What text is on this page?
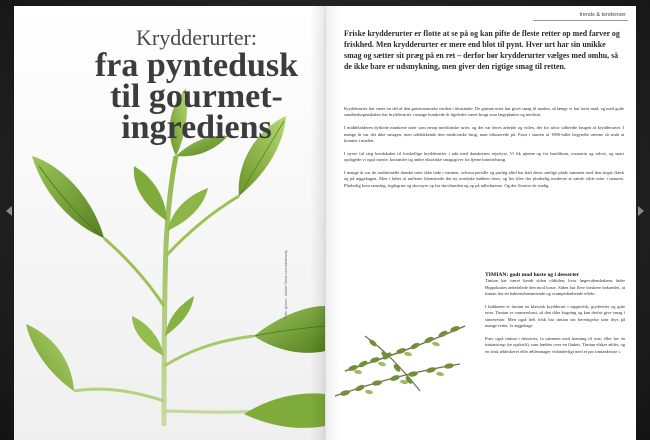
Krydderurter:
fra pyntedusk
til gourmet-
ingrediens
Foto: ajchen - Adobe Stock.com/adsbeardy
trends & tendenser

Friske krydderurter er flotte at se på og kan pifte de fleste retter op med farver og friskhed. Men krydderurter er mere end blot til pynt. Hver urt har sin unikke smag og sætter sit præg på en ret – derfor bør krydderurter vælges med omhu, så de ikke bare er udsmykning, men giver den rigtige smag til retten.

Krydderurter har været en del af den gastronomiske verden i årtusinder. De grønne urter har givet smag til maden, så længe vi har lavet mad, og med gode sundhedsegenskaber har krydderurter i mange hundrede år ligeledes været brugt som lægeplanter og medicin.

I middelalderen dyrkede munkene urter som netop medicinske urter, og det var deres arbejde og viden, der for alvor udbredte brugen af krydderurter. I mange år var det ikke smagen, men udelukkende den medicinske brug, man fokuserede på. Først i starten af 1900-tallet begyndte urterne så småt at komme i maden.

I nyere tid steg kendskabet til forskellige krydderurter i takt med danskernes rejselyst. Vi fik øjnene op for basilikum, rosmarin og salvie, og snart opdagede vi også mynte, koriander og andre eksotiske smagsgiver fra fjerne himmelstrøg.

I mange år var de traditionelle danske urter ikke inde i varmen, selvom persille og purløg altid har haft deres særlige plads sammen med den stegte flæsk og på æggekagen. Men i løbet af nullerne blomstrede det ny nordiske køkken frem, og her blev der pludselig moderne at samle vilde urter i naturen. Pludselig kom ramsløg, fuglegræs og skovsyre op fra skovbunden og op på tallerknerne. Og der floreter de stadig.

TIMIAN: godt mod hoste og i desserter
Timian har været kendt siden oldtiden, hvor lægevidenskabens fader Hippokrates anbefalede den mod hoste. Siden har flere forskere bekræftet, at timian har en bakteriehæmmende og svampedræbende effekt.

I køkkenet er timian en klassisk krydderurt i suppevisk, grydeetter og gule erter. Timian er varmerobust, så den tåler kogning og kan derfor give smag i simreretter. Men også helt frisk har timian sin berettigelse som drys på mange retter, fx æggekage.

Prøv også timian i desserter, fx sammen med honning til oste, eller lav en timiansirup (se opskrift), som hældes over en fladeis. Timian elsker æbler, og en frisk æbleskeret eller æblesmager vidunderligt med et par timiankviste i.
